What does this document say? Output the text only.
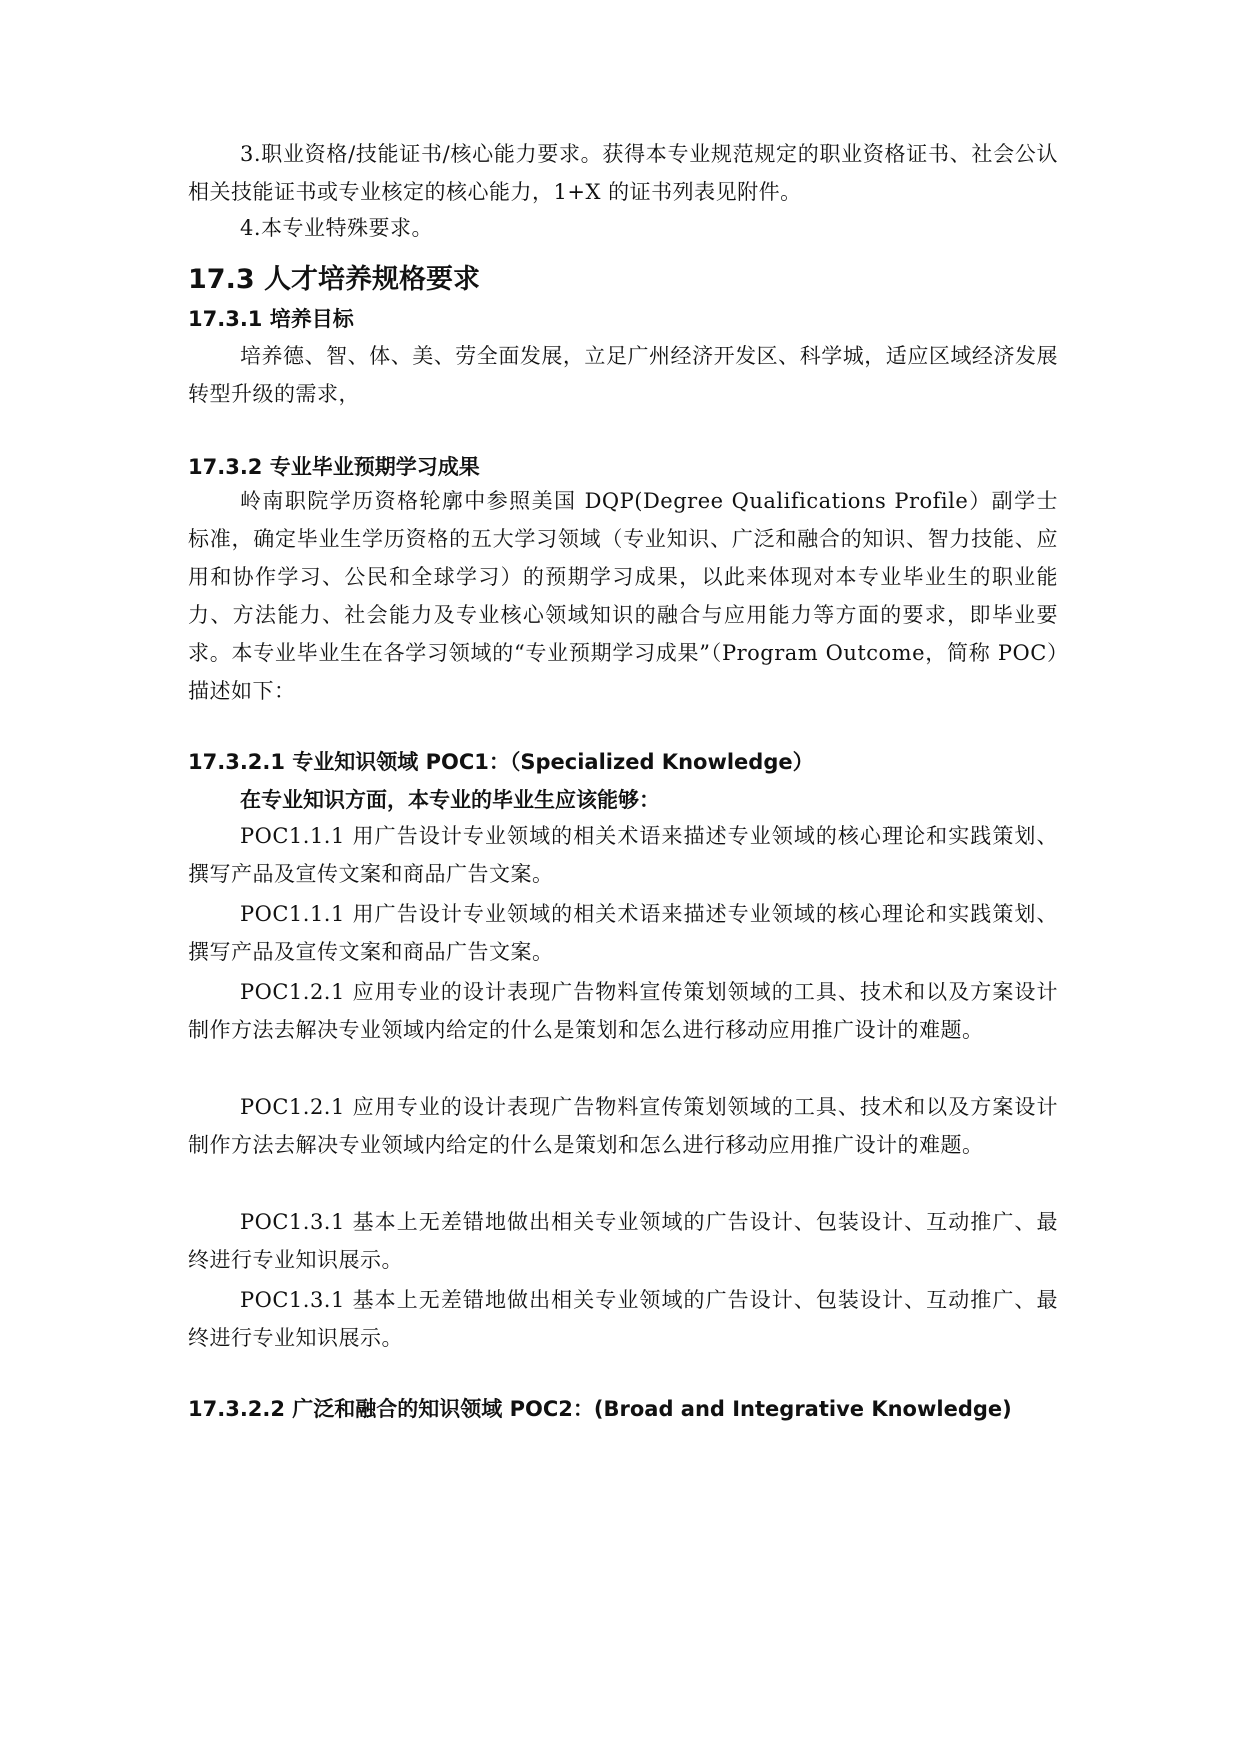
3.职业资格/技能证书/核心能力要求。获得本专业规范规定的职业资格证书、社会公认相关技能证书或专业核定的核心能力，1+X 的证书列表见附件。

4.本专业特殊要求。

17.3 人才培养规格要求
17.3.1 培养目标

培养德、智、体、美、劳全面发展，立足广州经济开发区、科学城，适应区域经济发展转型升级的需求，

17.3.2 专业毕业预期学习成果

岭南职院学历资格轮廓中参照美国 DQP(Degree Qualifications Profile）副学士标准，确定毕业生学历资格的五大学习领域（专业知识、广泛和融合的知识、智力技能、应用和协作学习、公民和全球学习）的预期学习成果，以此来体现对本专业毕业生的职业能力、方法能力、社会能力及专业核心领域知识的融合与应用能力等方面的要求，即毕业要求。本专业毕业生在各学习领域的“专业预期学习成果”（Program Outcome，简称 POC）描述如下：

17.3.2.1 专业知识领域 POC1：（Specialized Knowledge）

在专业知识方面，本专业的毕业生应该能够：

POC1.1.1 用广告设计专业领域的相关术语来描述专业领域的核心理论和实践策划、撰写产品及宣传文案和商品广告文案。

POC1.1.1 用广告设计专业领域的相关术语来描述专业领域的核心理论和实践策划、撰写产品及宣传文案和商品广告文案。

POC1.2.1 应用专业的设计表现广告物料宣传策划领域的工具、技术和以及方案设计制作方法去解决专业领域内给定的什么是策划和怎么进行移动应用推广设计的难题。

POC1.2.1 应用专业的设计表现广告物料宣传策划领域的工具、技术和以及方案设计制作方法去解决专业领域内给定的什么是策划和怎么进行移动应用推广设计的难题。

POC1.3.1 基本上无差错地做出相关专业领域的广告设计、包装设计、互动推广、最终进行专业知识展示。

POC1.3.1 基本上无差错地做出相关专业领域的广告设计、包装设计、互动推广、最终进行专业知识展示。

17.3.2.2 广泛和融合的知识领域 POC2：(Broad and Integrative Knowledge)
